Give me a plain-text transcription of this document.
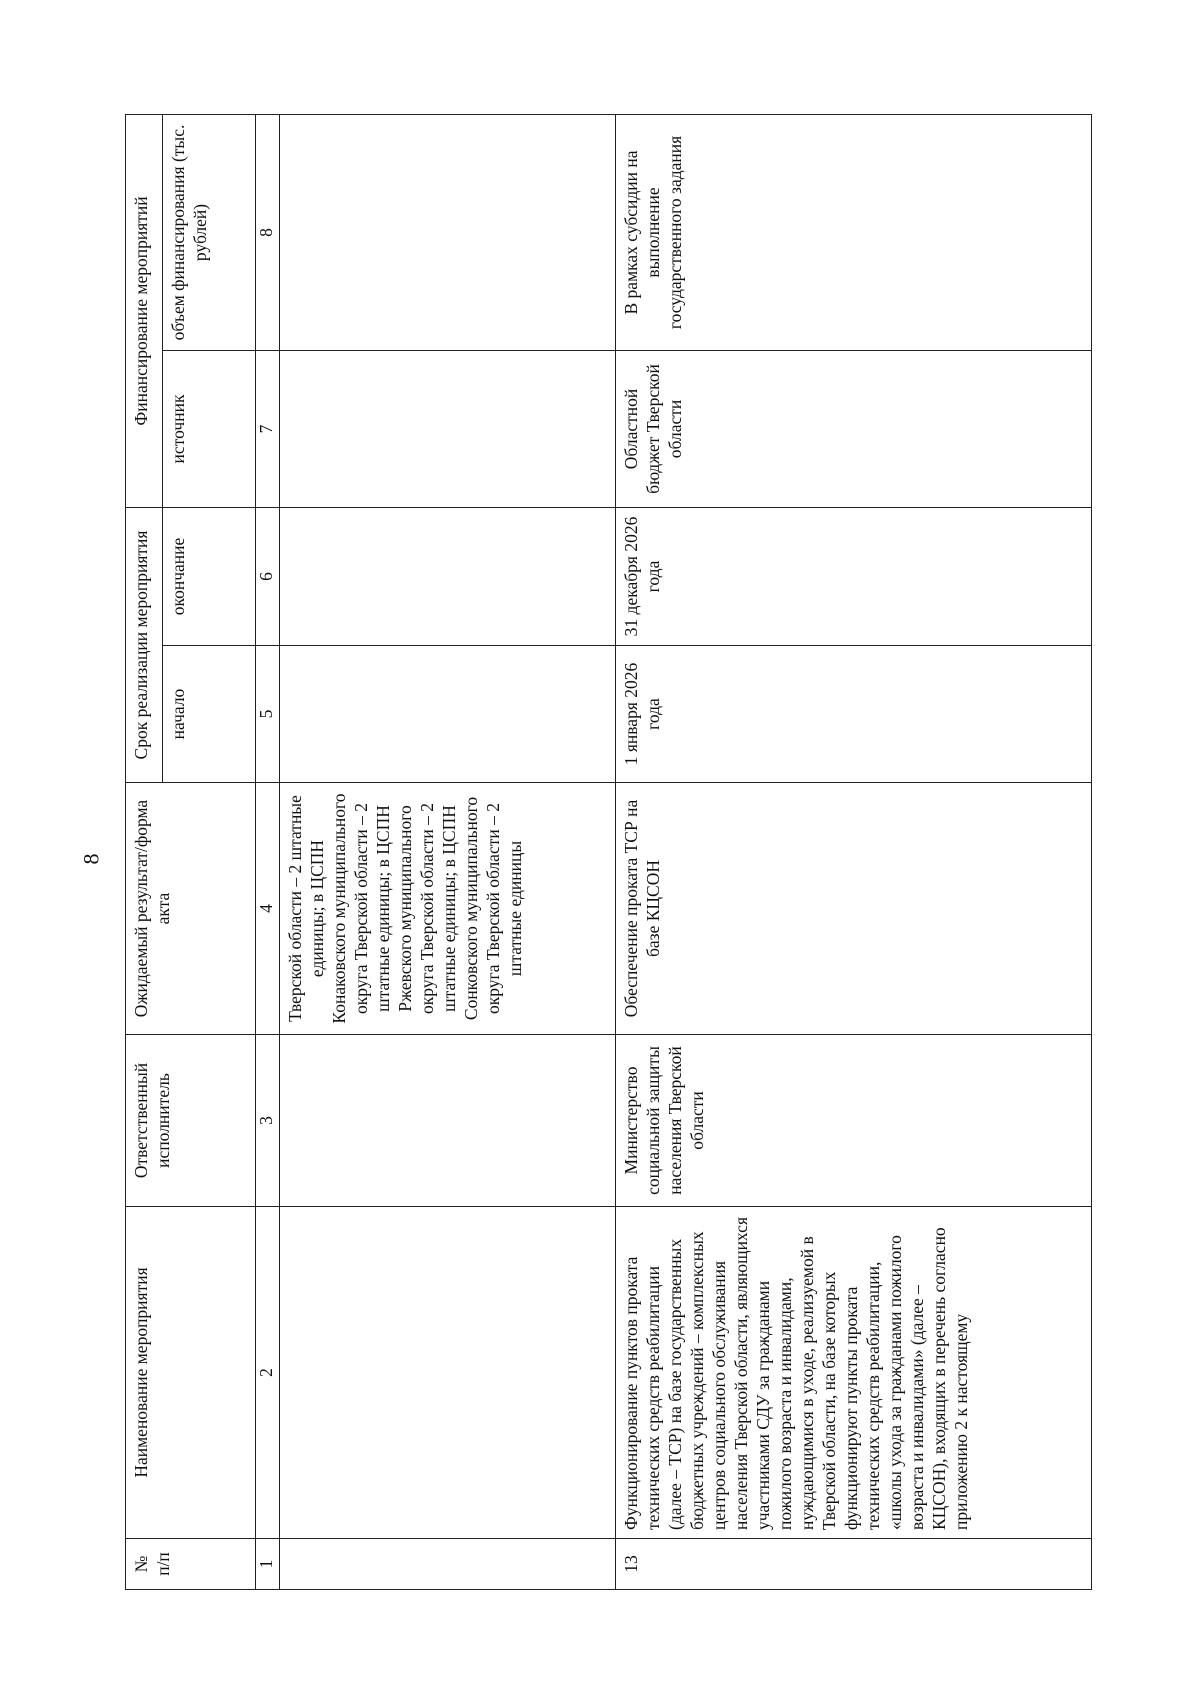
8
№ п/п	Наименование мероприятия	Ответственный исполнитель	Ожидаемый результат/форма акта	Срок реализации мероприятия		Финансирование мероприятий	
				начало	окончание	источник	объем финансирования (тыс. рублей)
1	2	3	4	5	6	7	8
			Тверской области – 2 штатные единицы; в ЦСПН Конаковского муниципального округа Тверской области – 2 штатные единицы; в ЦСПН Ржевского муниципального округа Тверской области – 2 штатные единицы; в ЦСПН Сонковского муниципального округа Тверской области – 2 штатные единицы				
13	Функционирование пунктов проката технических средств реабилитации (далее – ТСР) на базе государственных бюджетных учреждений – комплексных центров социального обслуживания населения Тверской области, являющихся участниками СДУ за гражданами пожилого возраста и инвалидами, нуждающимися в уходе, реализуемой в Тверской области, на базе которых функционируют пункты проката технических средств реабилитации, «школы ухода за гражданами пожилого возраста и инвалидами» (далее – КЦСОН), входящих в перечень согласно приложению 2 к настоящему	Министерство социальной защиты населения Тверской области	Обеспечение проката ТСР на базе КЦСОН	1 января 2026 года	31 декабря 2026 года	Областной бюджет Тверской области	В рамках субсидии на выполнение государственного задания
